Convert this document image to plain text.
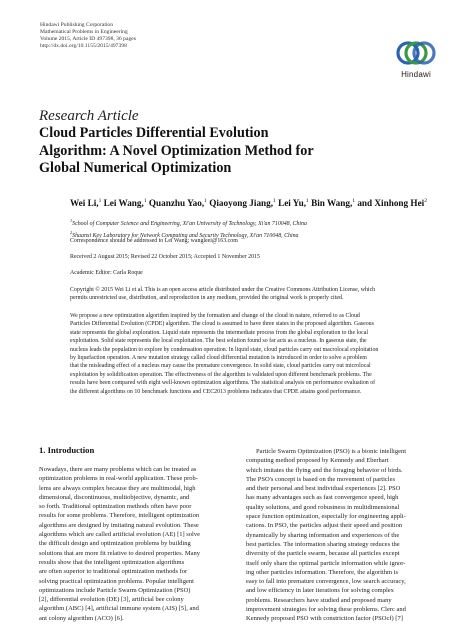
Hindawi Publishing Corporation
Mathematical Problems in Engineering
Volume 2015, Article ID 497398, 36 pages
http://dx.doi.org/10.1155/2015/497398
Hindawi
Research Article
Cloud Particles Differential Evolution
Algorithm: A Novel Optimization Method for
Global Numerical Optimization
Wei Li,$^1$ Lei Wang,$^1$ Quanzhu Yao,$^1$ Qiaoyong Jiang,$^1$ Lei Yu,$^1$ Bin Wang,$^1$ and Xinhong Hei$^2$
$^1$School of Computer Science and Engineering, Xi'an University of Technology, Xi'an 710048, China
$^2$Shaanxi Key Laboratory for Network Computing and Security Technology, Xi'an 710048, China
Correspondence should be addressed to Lei Wang; wangleei@163.com
Received 2 August 2015; Revised 22 October 2015; Accepted 1 November 2015
Academic Editor: Carla Roque
Copyright © 2015 Wei Li et al. This is an open access article distributed under the Creative Commons Attribution License, which
permits unrestricted use, distribution, and reproduction in any medium, provided the original work is properly cited.
We propose a new optimization algorithm inspired by the formation and change of the cloud in nature, referred to as Cloud
Particles Differential Evolution (CPDE) algorithm. The cloud is assumed to have three states in the proposed algorithm. Gaseous
state represents the global exploration. Liquid state represents the intermediate process from the global exploration to the local
exploitation. Solid state represents the local exploitation. The best solution found so far acts as a nucleus. In gaseous state, the
nucleus leads the population to explore by condensation operation. In liquid state, cloud particles carry out macrolocal exploitation
by liquefaction operation. A new mutation strategy called cloud differential mutation is introduced in order to solve a problem
that the misleading effect of a nucleus may cause the premature convergence. In solid state, cloud particles carry out microlocal
exploitation by solidification operation. The effectiveness of the algorithm is validated upon different benchmark problems. The
results have been compared with eight well-known optimization algorithms. The statistical analysis on performance evaluation of
the different algorithms on 10 benchmark functions and CEC2013 problems indicates that CPDE attains good performance.
1. Introduction
Nowadays, there are many problems which can be treated as
optimization problems in real-world application. These prob-
lems are always complex because they are multimodal, high
dimensional, discontinuous, multiobjective, dynamic, and
so forth. Traditional optimization methods often have poor
results for some problems. Therefore, intelligent optimization
algorithms are designed by imitating natural evolution. These
algorithms which are called artificial evolution (AE) [1] solve
the difficult design and optimization problems by building
solutions that are more fit relative to desired properties. Many
results show that the intelligent optimization algorithms
are often superior to traditional optimization methods for
solving practical optimization problems. Popular intelligent
optimizations include Particle Swarm Optimization (PSO)
[2], differential evolution (DE) [3], artificial bee colony
algorithm (ABC) [4], artificial immune system (AIS) [5], and
ant colony algorithm (ACO) [6].
Particle Swarm Optimization (PSO) is a bionic intelligent
computing method proposed by Kennedy and Eberhart
which imitates the flying and the foraging behavior of birds.
The PSO's concept is based on the movement of particles
and their personal and best individual experiences [2]. PSO
has many advantages such as fast convergence speed, high
quality solutions, and good robustness in multidimensional
space function optimization, especially for engineering appli-
cations. In PSO, the particles adjust their speed and position
dynamically by sharing information and experiences of the
best particles. The information sharing strategy reduces the
diversity of the particle swarm, because all particles except
itself only share the optimal particle information while ignor-
ing other particles information. Therefore, the algorithm is
easy to fall into premature convergence, low search accuracy,
and low efficiency in later iterations for solving complex
problems. Researchers have studied and proposed many
improvement strategies for solving these problems. Clerc and
Kennedy proposed PSO with constriction factor (PSOcf) [7]
